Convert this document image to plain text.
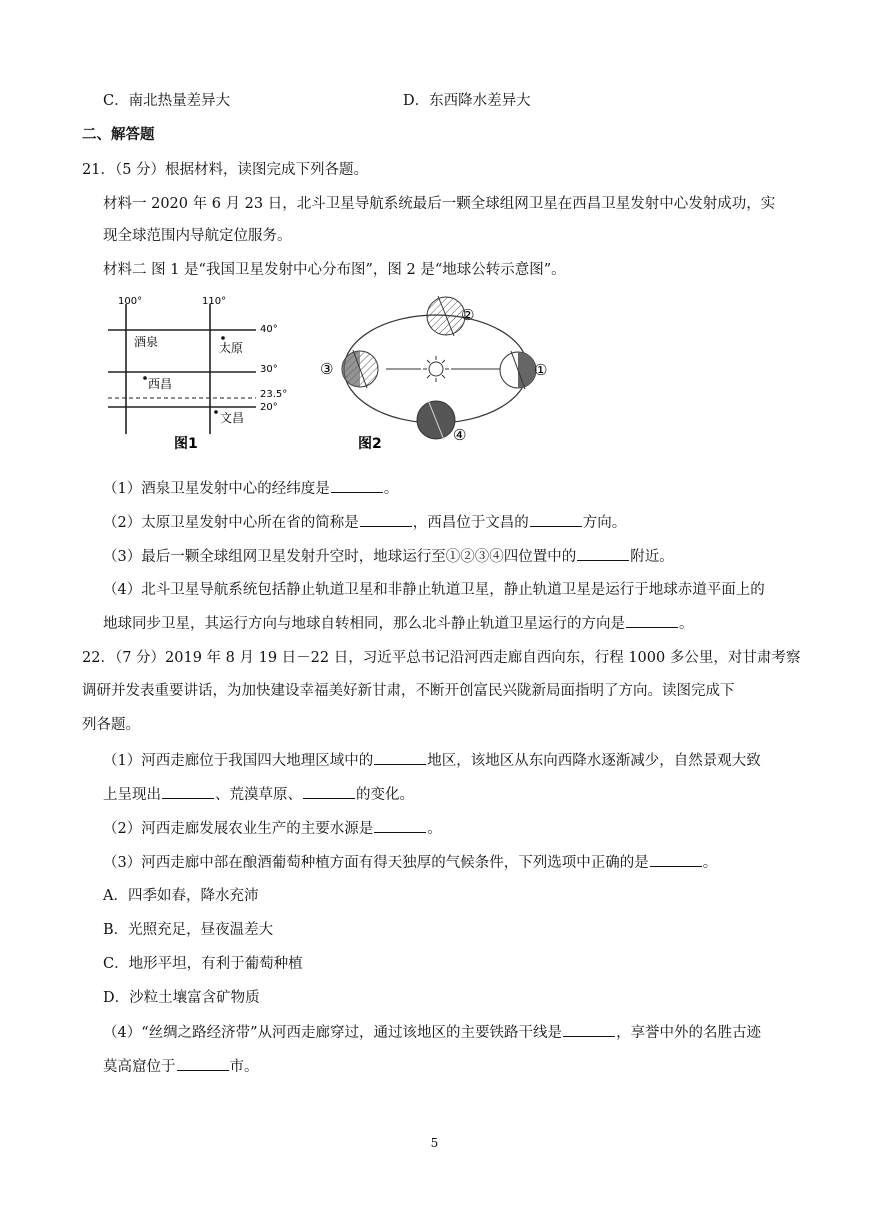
C．南北热量差异大	D．东西降水差异大
二、解答题
21．（5 分）根据材料，读图完成下列各题。
材料一 2020 年 6 月 23 日，北斗卫星导航系统最后一颗全球组网卫星在西昌卫星发射中心发射成功，实
现全球范围内导航定位服务。
材料二 图 1 是“我国卫星发射中心分布图”，图 2 是“地球公转示意图”。
100°	110°
40°
30°
23.5°
20°
酒泉	太原
西昌
文昌
图1
②
①
③
④
图2
（1）酒泉卫星发射中心的经纬度是	。
（2）太原卫星发射中心所在省的简称是	，西昌位于文昌的	方向。
（3）最后一颗全球组网卫星发射升空时，地球运行至①②③④四位置中的	附近。
（4）北斗卫星导航系统包括静止轨道卫星和非静止轨道卫星，静止轨道卫星是运行于地球赤道平面上的
地球同步卫星，其运行方向与地球自转相同，那么北斗静止轨道卫星运行的方向是	。
22．（7 分）2019 年 8 月 19 日－22 日，习近平总书记沿河西走廊自西向东，行程 1000 多公里，对甘肃考察
调研并发表重要讲话，为加快建设幸福美好新甘肃，不断开创富民兴陇新局面指明了方向。读图完成下
列各题。
（1）河西走廊位于我国四大地理区域中的	地区，该地区从东向西降水逐渐减少，自然景观大致
上呈现出	、荒漠草原、	的变化。
（2）河西走廊发展农业生产的主要水源是	。
（3）河西走廊中部在酿酒葡萄种植方面有得天独厚的气候条件，下列选项中正确的是	。
A．四季如春，降水充沛
B．光照充足，昼夜温差大
C．地形平坦，有利于葡萄种植
D．沙粒土壤富含矿物质
（4）“丝绸之路经济带”从河西走廊穿过，通过该地区的主要铁路干线是	，享誉中外的名胜古迹
莫高窟位于	市。
5
